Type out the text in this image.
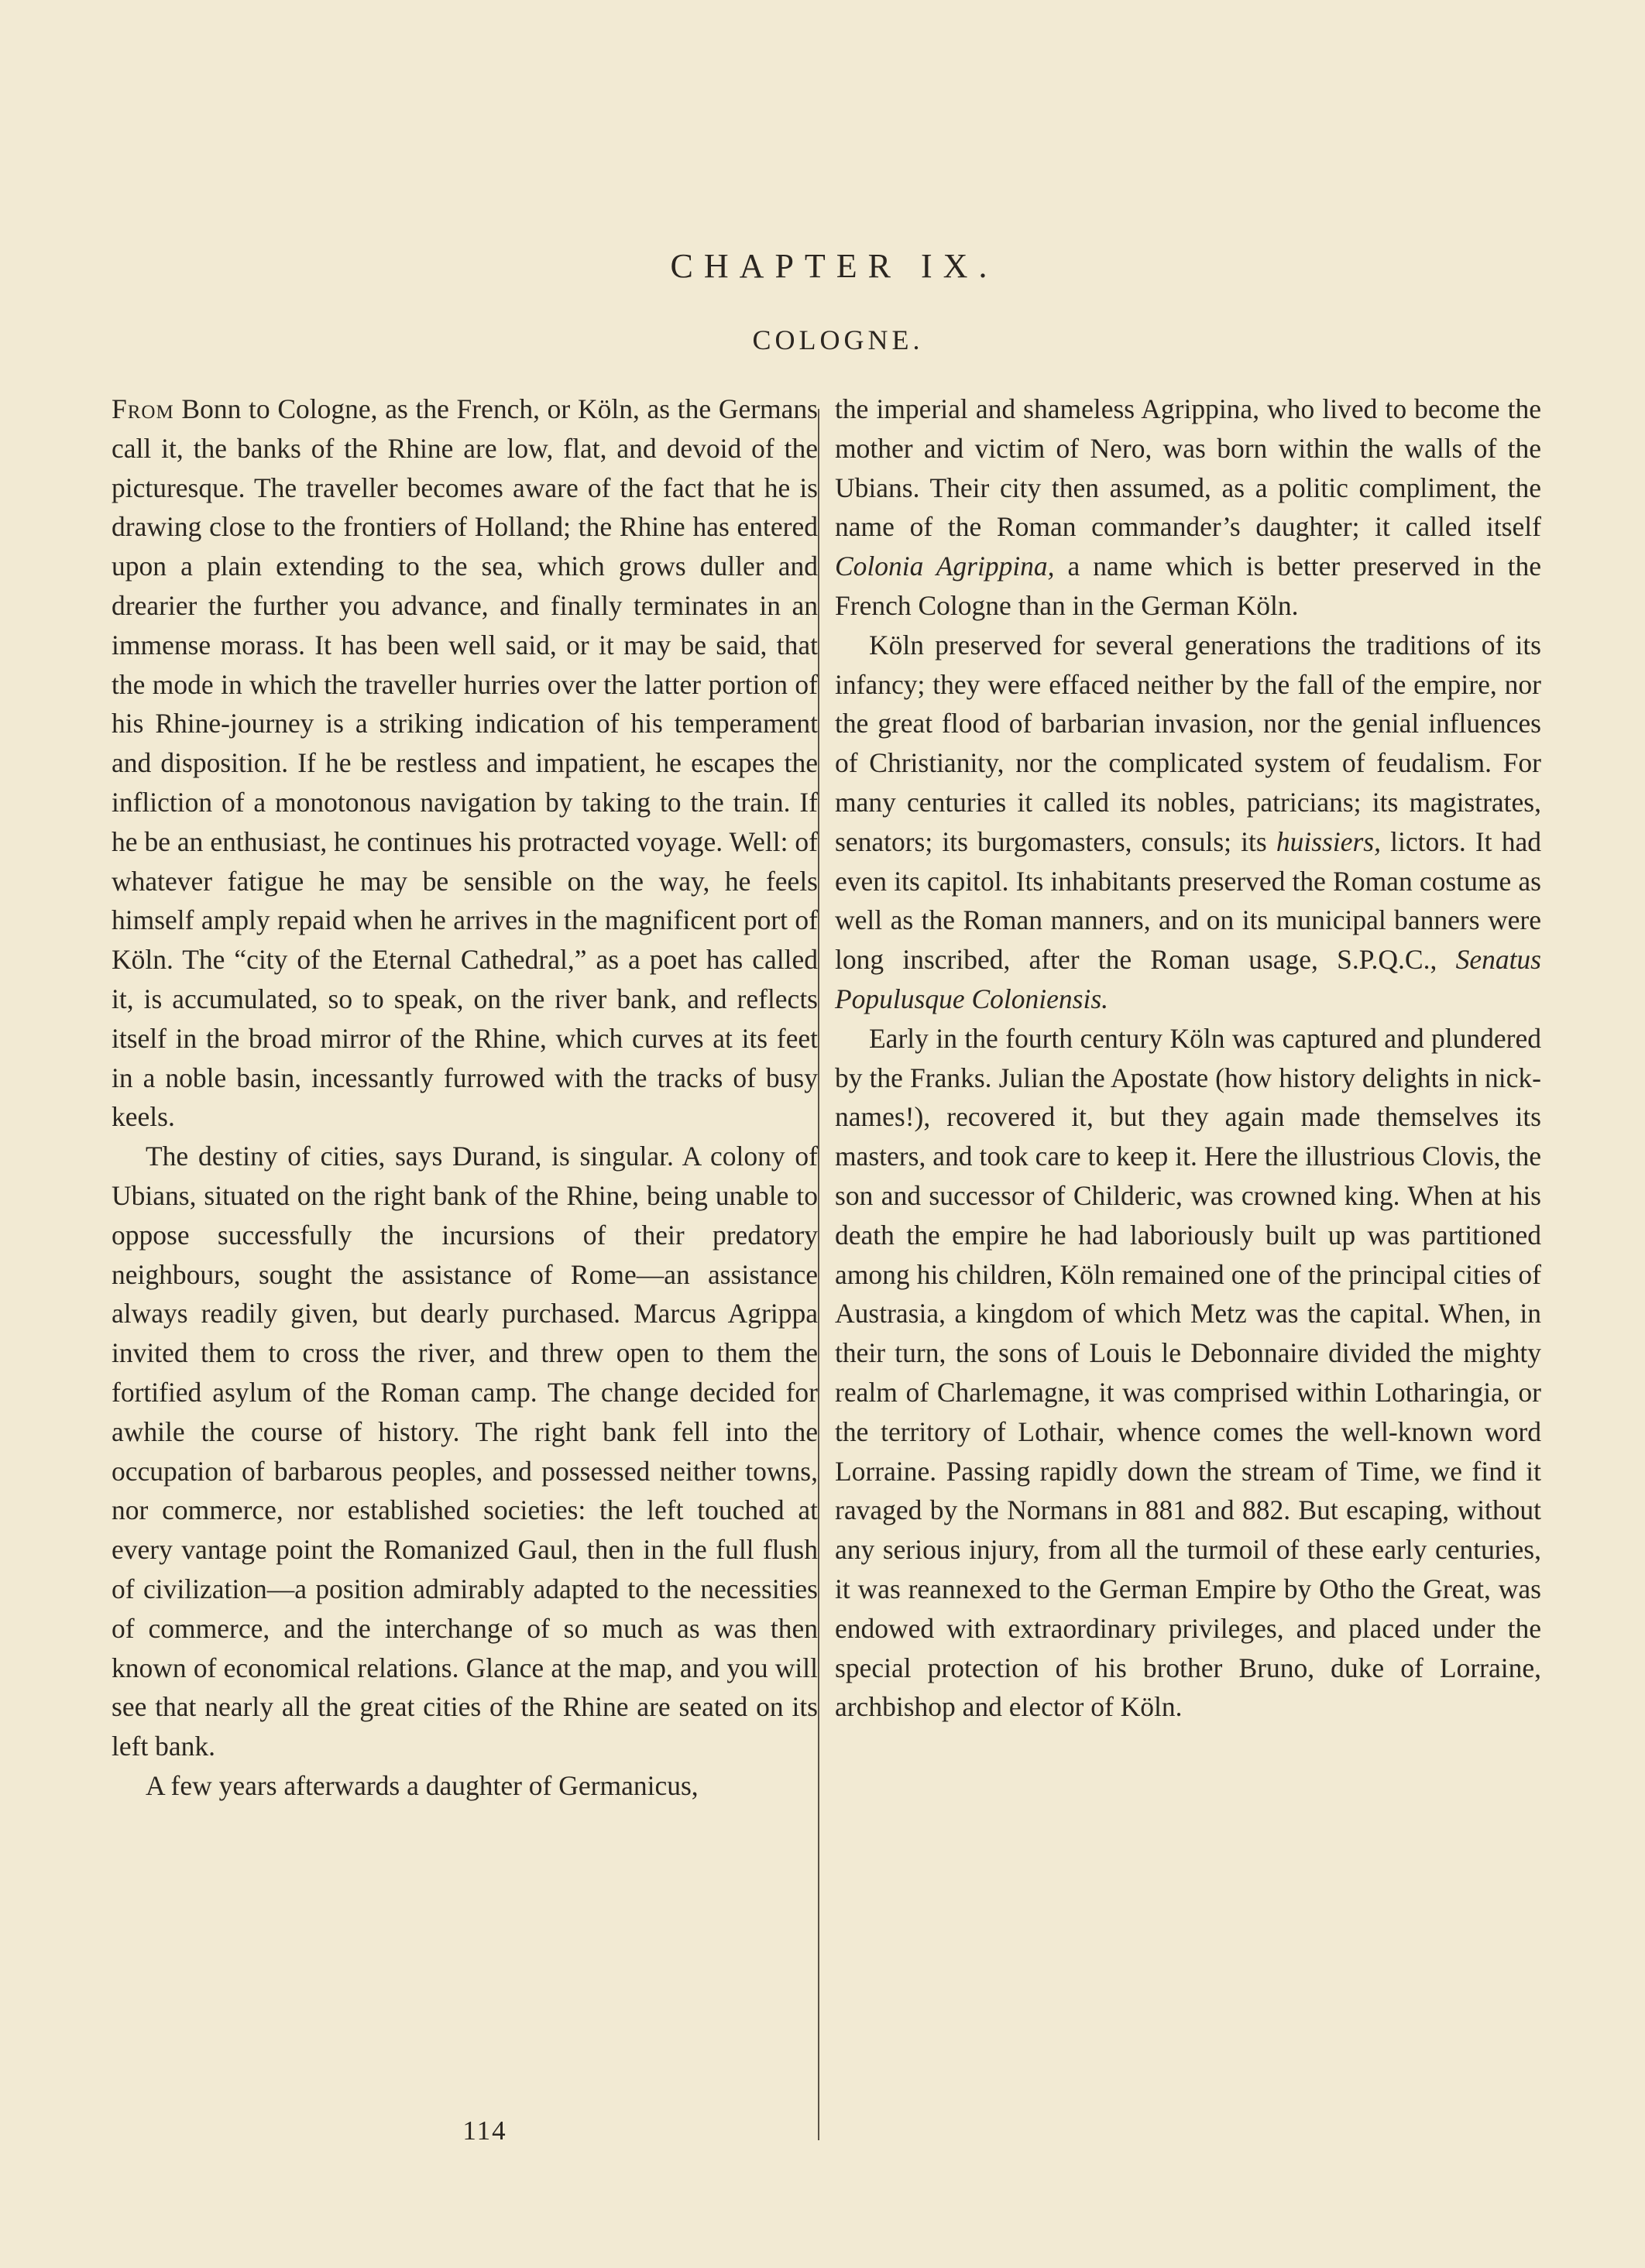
CHAPTER IX.
COLOGNE.

From Bonn to Cologne, as the French, or Köln, as the Germans call it, the banks of the Rhine are low, flat, and devoid of the picturesque. The traveller becomes aware of the fact that he is drawing close to the frontiers of Holland; the Rhine has entered upon a plain extending to the sea, which grows duller and drearier the further you advance, and finally terminates in an immense morass. It has been well said, or it may be said, that the mode in which the traveller hurries over the latter portion of his Rhine-journey is a striking indication of his temperament and disposition. If he be restless and impatient, he escapes the infliction of a monotonous navigation by taking to the train. If he be an enthusiast, he continues his protracted voyage. Well: of whatever fatigue he may be sensible on the way, he feels himself amply repaid when he arrives in the magnificent port of Köln. The “city of the Eternal Cathedral,” as a poet has called it, is accumulated, so to speak, on the river bank, and reflects itself in the broad mirror of the Rhine, which curves at its feet in a noble basin, incessantly furrowed with the tracks of busy keels.

The destiny of cities, says Durand, is singular. A colony of Ubians, situated on the right bank of the Rhine, being unable to oppose successfully the incursions of their predatory neighbours, sought the assistance of Rome—an assistance always readily given, but dearly purchased. Marcus Agrippa invited them to cross the river, and threw open to them the fortified asylum of the Roman camp. The change decided for awhile the course of history. The right bank fell into the occupation of barbarous peoples, and possessed neither towns, nor commerce, nor established societies: the left touched at every vantage point the Romanized Gaul, then in the full flush of civilization—a position admirably adapted to the necessities of commerce, and the interchange of so much as was then known of economical relations. Glance at the map, and you will see that nearly all the great cities of the Rhine are seated on its left bank.

A few years afterwards a daughter of Germanicus,

the imperial and shameless Agrippina, who lived to become the mother and victim of Nero, was born within the walls of the Ubians. Their city then assumed, as a politic compliment, the name of the Roman commander’s daughter; it called itself Colonia Agrippina, a name which is better preserved in the French Cologne than in the German Köln.

Köln preserved for several generations the traditions of its infancy; they were effaced neither by the fall of the empire, nor the great flood of barbarian invasion, nor the genial influences of Christianity, nor the complicated system of feudalism. For many centuries it called its nobles, patricians; its magistrates, senators; its burgomasters, consuls; its huissiers, lictors. It had even its capitol. Its inhabitants preserved the Roman costume as well as the Roman manners, and on its municipal banners were long inscribed, after the Roman usage, S.P.Q.C., Senatus Populusque Coloniensis.

Early in the fourth century Köln was captured and plundered by the Franks. Julian the Apostate (how history delights in nick-names!), recovered it, but they again made themselves its masters, and took care to keep it. Here the illustrious Clovis, the son and successor of Childeric, was crowned king. When at his death the empire he had laboriously built up was partitioned among his children, Köln remained one of the principal cities of Austrasia, a kingdom of which Metz was the capital. When, in their turn, the sons of Louis le Debonnaire divided the mighty realm of Charlemagne, it was comprised within Lotharingia, or the territory of Lothair, whence comes the well-known word Lorraine. Passing rapidly down the stream of Time, we find it ravaged by the Normans in 881 and 882. But escaping, without any serious injury, from all the turmoil of these early centuries, it was reannexed to the German Empire by Otho the Great, was endowed with extraordinary privileges, and placed under the special protection of his brother Bruno, duke of Lorraine, archbishop and elector of Köln.

114
